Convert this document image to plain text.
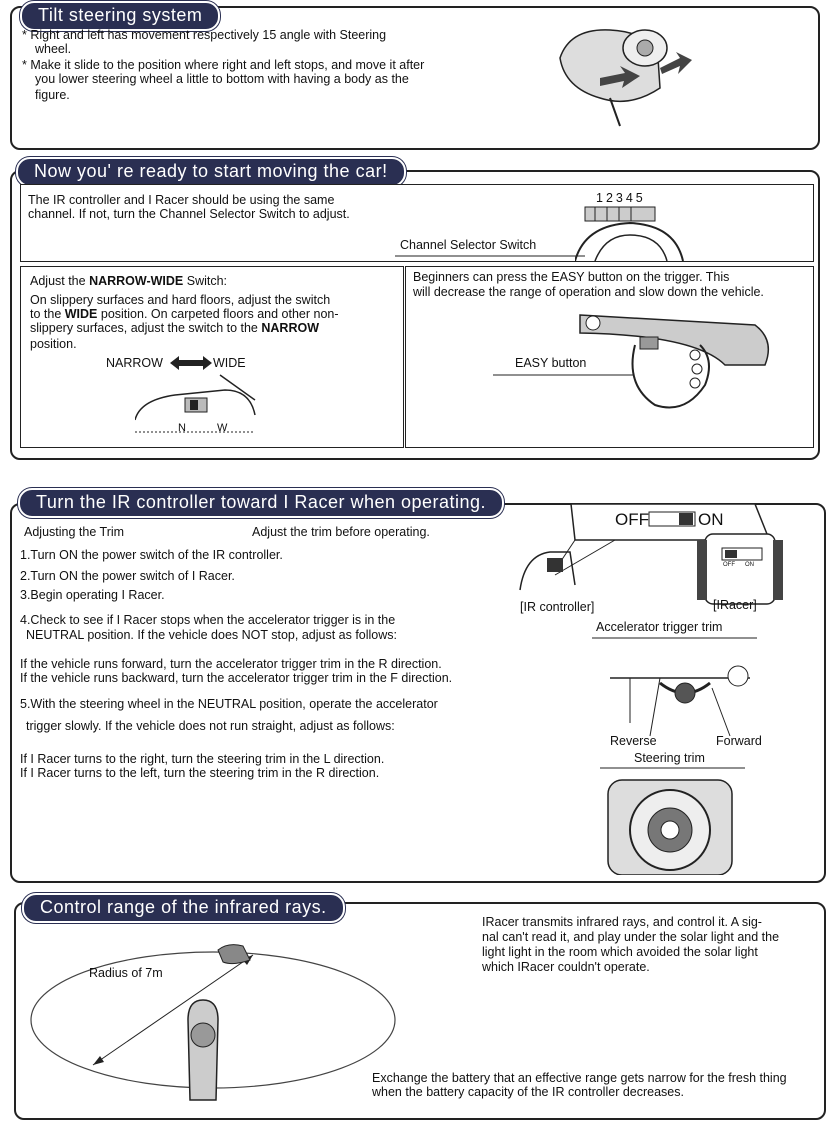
Tilt steering system
* Right and left has movement respectively 15 angle with Steering
wheel.
* Make it slide to the position where right and left stops, and move it after
you lower steering wheel a little to bottom with having a body as the
figure.
Now you' re ready to start moving the car!
The IR controller and I Racer should be using the same
channel. If not, turn the Channel Selector Switch to adjust.
12345
Channel Selector Switch
Adjust the NARROW-WIDE Switch:
On slippery surfaces and hard floors, adjust the switch
to the WIDE position. On carpeted floors and other non-
slippery surfaces, adjust the switch to the NARROW
position.
NARROW	WIDE
N	W
Beginners can press the EASY button on the trigger. This
will decrease the range of operation and slow down the vehicle.
EASY button
Turn the IR controller toward I Racer when operating.
Adjusting the Trim	Adjust the trim before operating.
1.Turn ON the power switch of the IR controller.
2.Turn ON the power switch of I Racer.
3.Begin operating I Racer.
4.Check to see if I Racer stops when the accelerator trigger is in the
NEUTRAL position. If the vehicle does NOT stop, adjust as follows:
If the vehicle runs forward, turn the accelerator trigger trim in the R direction.
If the vehicle runs backward, turn the accelerator trigger trim in the F direction.
5.With the steering wheel in the NEUTRAL position, operate the accelerator
trigger slowly. If the vehicle does not run straight, adjust as follows:
If I Racer turns to the right, turn the steering trim in the L direction.
If I Racer turns to the left, turn the steering trim in the R direction.
OFF	ON
OFF ON
[IR controller]	[IRacer]
Accelerator trigger trim
Reverse	Forward
Steering trim
Control range of the infrared rays.
IRacer transmits infrared rays, and control it. A sig-
nal can't read it, and play under the solar light and the
light light in the room which avoided the solar light
which IRacer couldn't operate.
Radius of 7m
Exchange the battery that an effective range gets narrow for the fresh thing
when the battery capacity of the IR controller decreases.
